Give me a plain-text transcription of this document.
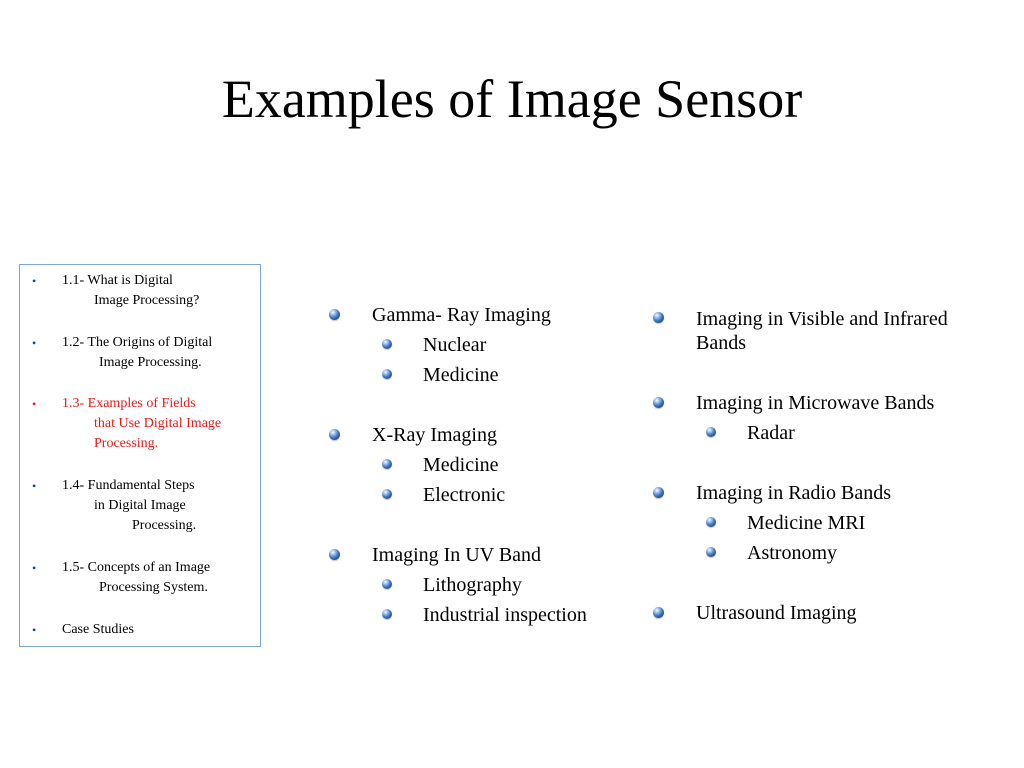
Examples of Image Sensor
• 1.1- What is Digital
Image Processing?
• 1.2- The Origins of Digital
Image Processing.
• 1.3- Examples of Fields
that Use Digital Image
Processing.
• 1.4- Fundamental Steps
in Digital Image
Processing.
• 1.5- Concepts of an Image
Processing System.
• Case Studies
Gamma- Ray Imaging
Nuclear
Medicine
X-Ray Imaging
Medicine
Electronic
Imaging In UV Band
Lithography
Industrial inspection
Imaging in Visible and Infrared
Bands
Imaging in Microwave Bands
Radar
Imaging in Radio Bands
Medicine MRI
Astronomy
Ultrasound Imaging
